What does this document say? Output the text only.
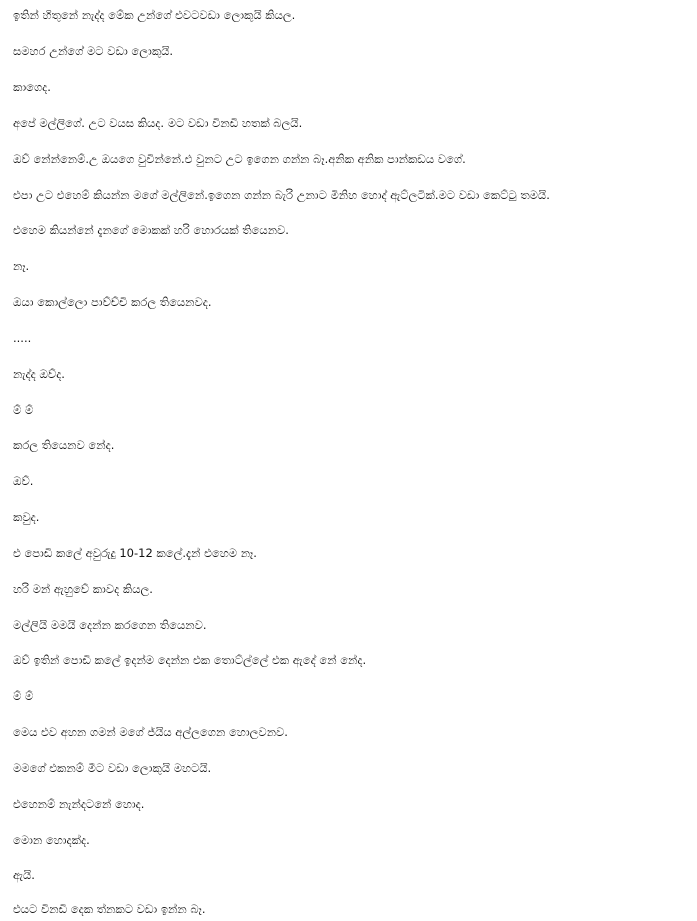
ඉතින් හිතුනේ නැද්ද මේක උන්ගේ එවටවඩා ලොකුයි කියල.
සමහර උන්ගේ මට වඩා ලොකුයි.
කාගෙද.
අපේ මල්ලිගේ. උට වයස කියද. මට වඩා විනඩි හතක් බලයි.
ඔව් නේන්නෙම්.උ ඔයගෙ වුවින්නේ.එ වුනට උට ඉගෙන ගන්න බෑ.අනික අනික පාන්කඩය වගේ.
එපා උට එහෙම් කියන්න මගේ මල්ලිනේ.ඉගෙන ගන්න බැරි උනාට මිනිහ හොද් ඇට්ලටික්.මට වඩා කෙට්ටු තමයි.
එහෙම කියන්නේ දැනගේ මොකක් හරි හොරයක් තියෙනව.
නෑ.
ඔයා කොල්ලො පාව්ච්චි කරල තියෙනවද.
.....
නැද්ද ඔව්ද.
ම් ම්
කරල තියෙනව නේද.
ඔව්.
කවුද.
එ පොඩි කලේ අවුරුදු 10-12 කලේ.දැන් එහෙම නෑ.
හරි මන් ඇහුවේ කාවද කියල.
මල්ලියි මමයි දෙන්න කරගෙන තියෙනව.
ඔව් ඉතින් පොඩි කලේ ඉදන්ම දෙන්න එක තොට්ල්ලේ එක ඇදේ නේ නේද.
ම් ම්
මෙය එව අහන ගමන් මගේ ජ්යිය අල්ලගෙන හොලවනව.
මමගේ එකනම් මීට වඩා ලොකුයි මහටයි.
එහෙනම් නැන්දටනේ හොද.
මොන හොදක්ද.
ඇයි.
එයට විනඩි දෙක ත්නකට වඩා ඉන්න බෑ.
